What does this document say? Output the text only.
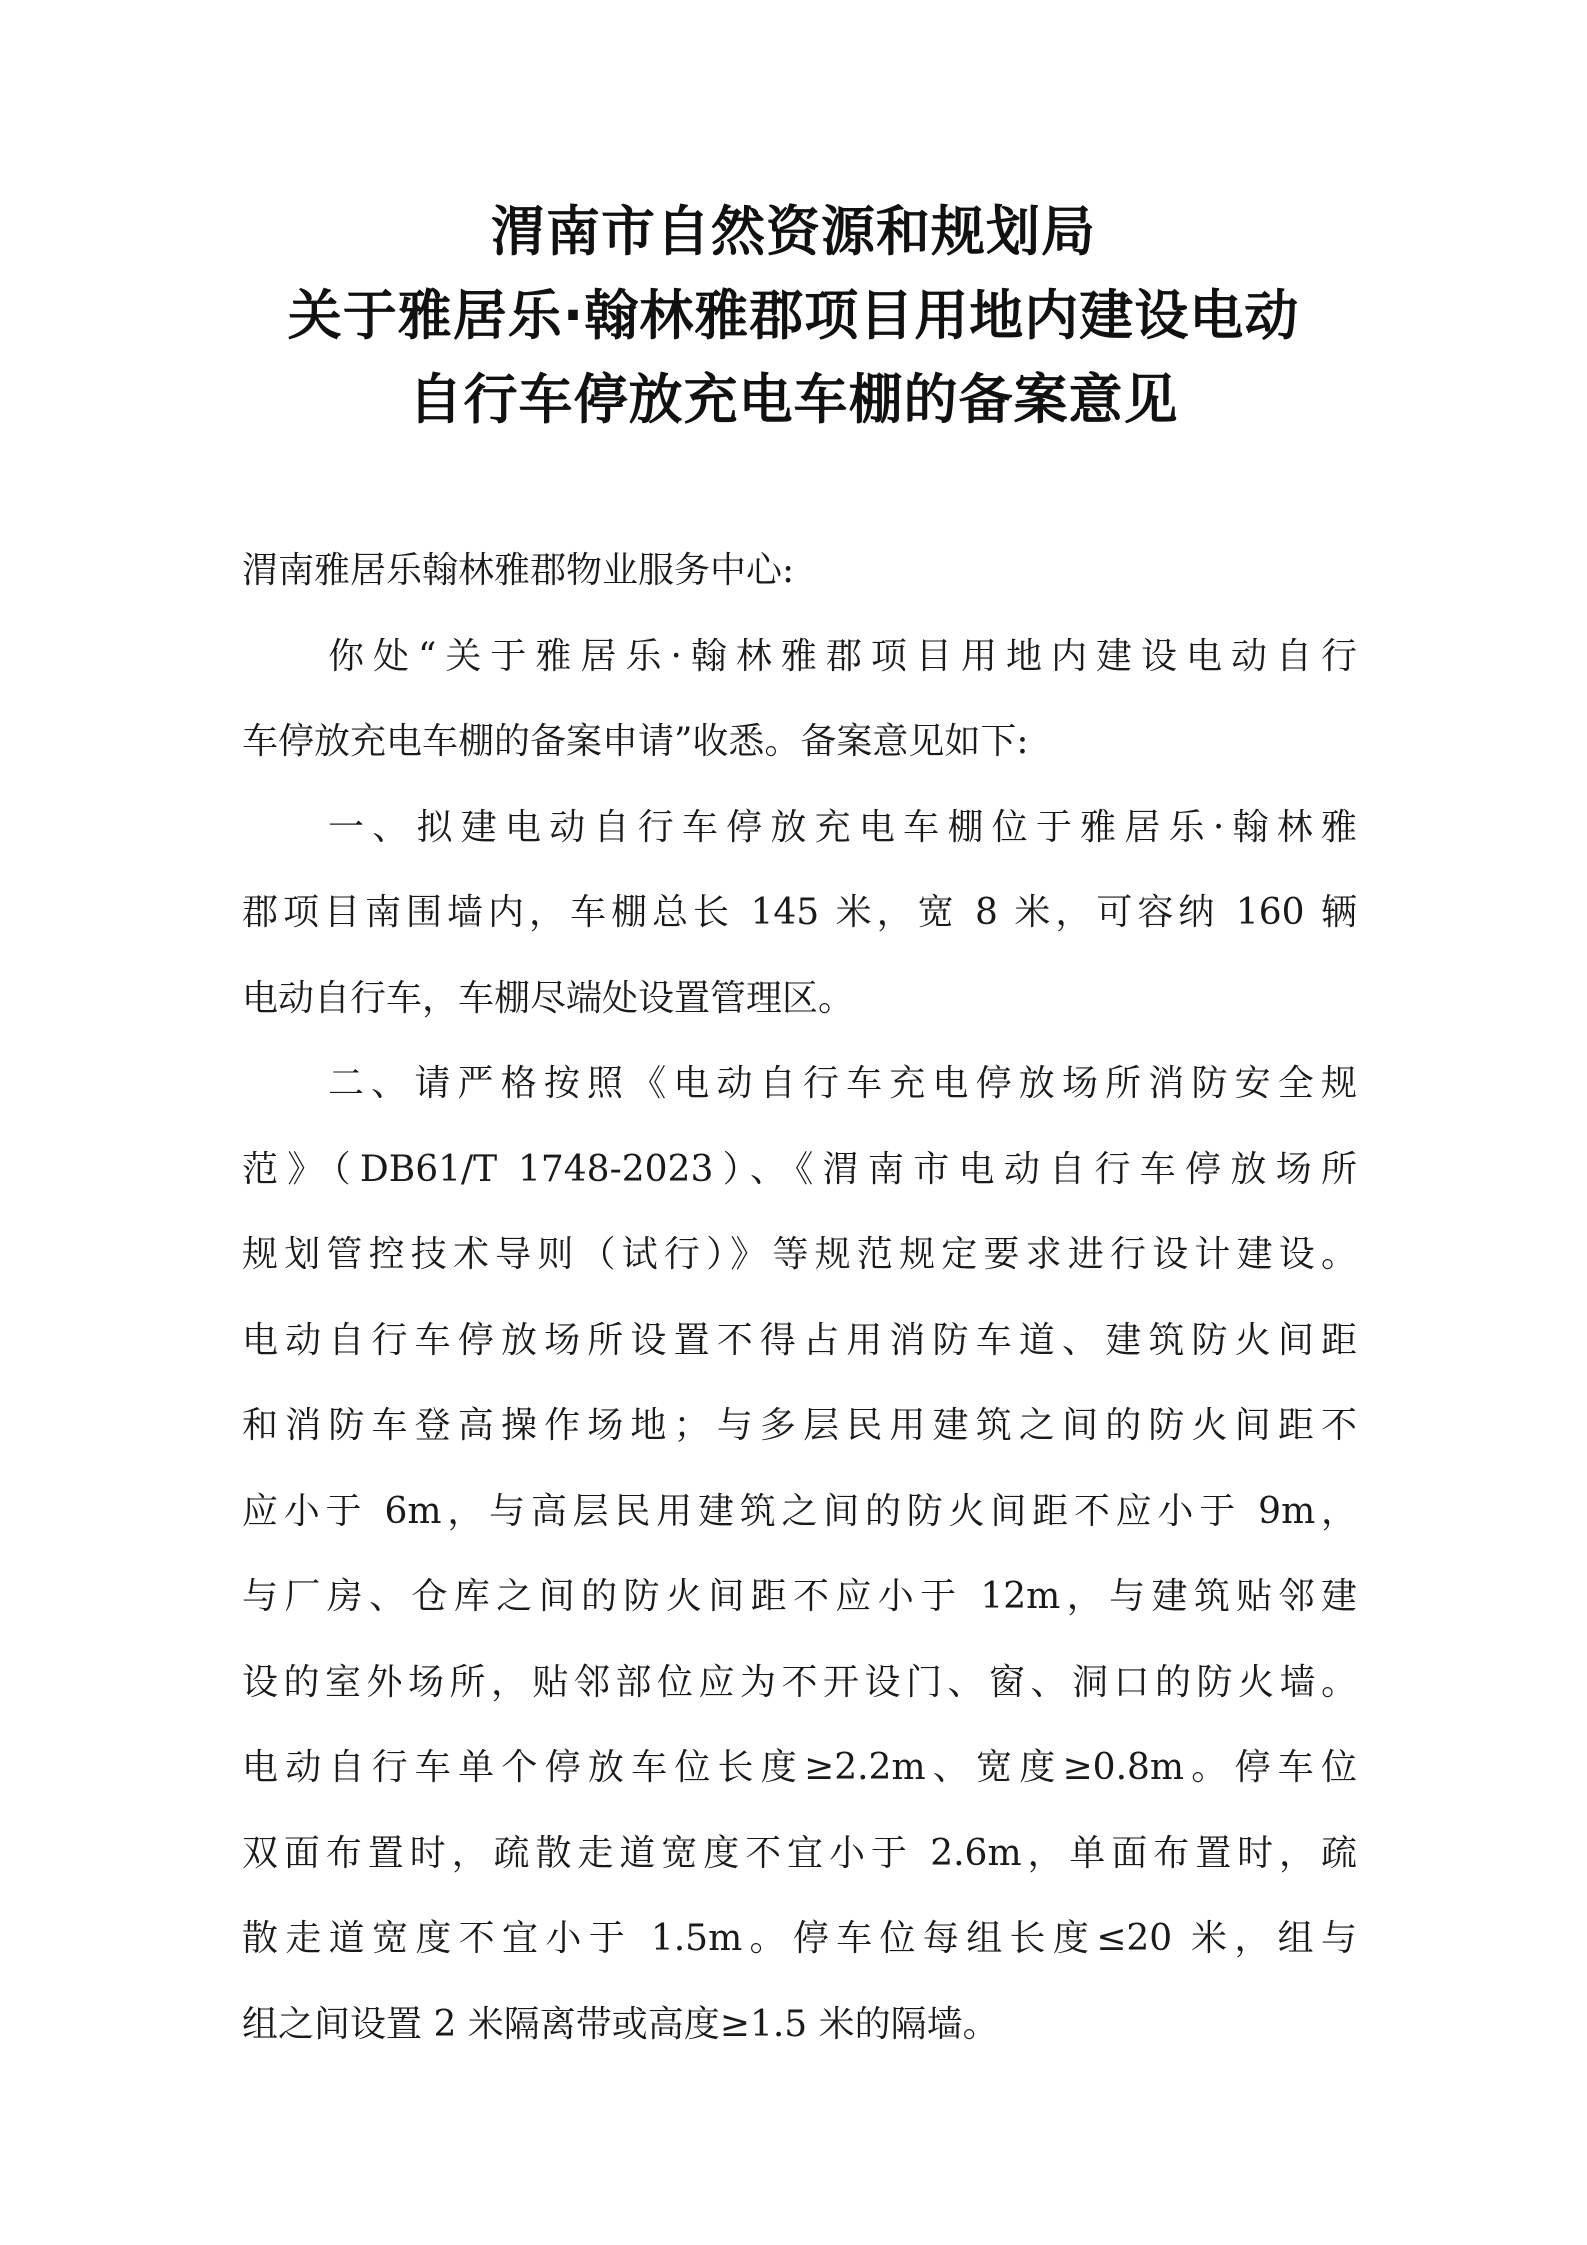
渭南市自然资源和规划局
关于雅居乐·翰林雅郡项目用地内建设电动
自行车停放充电车棚的备案意见
渭南雅居乐翰林雅郡物业服务中心:
你处“关于雅居乐·翰林雅郡项目用地内建设电动自行
车停放充电车棚的备案申请”收悉。备案意见如下:
一、拟建电动自行车停放充电车棚位于雅居乐·翰林雅
郡项目南围墙内，车棚总长 145 米，宽 8 米，可容纳 160 辆
电动自行车，车棚尽端处设置管理区。
二、请严格按照《电动自行车充电停放场所消防安全规
范》（DB61/T 1748-2023）、《渭南市电动自行车停放场所
规划管控技术导则（试行）》等规范规定要求进行设计建设。
电动自行车停放场所设置不得占用消防车道、建筑防火间距
和消防车登高操作场地；与多层民用建筑之间的防火间距不
应小于 6m，与高层民用建筑之间的防火间距不应小于 9m，
与厂房、仓库之间的防火间距不应小于 12m，与建筑贴邻建
设的室外场所，贴邻部位应为不开设门、窗、洞口的防火墙。
电动自行车单个停放车位长度≥2.2m、宽度≥0.8m。停车位
双面布置时，疏散走道宽度不宜小于 2.6m，单面布置时，疏
散走道宽度不宜小于 1.5m。停车位每组长度≤20 米，组与
组之间设置 2 米隔离带或高度≥1.5 米的隔墙。
